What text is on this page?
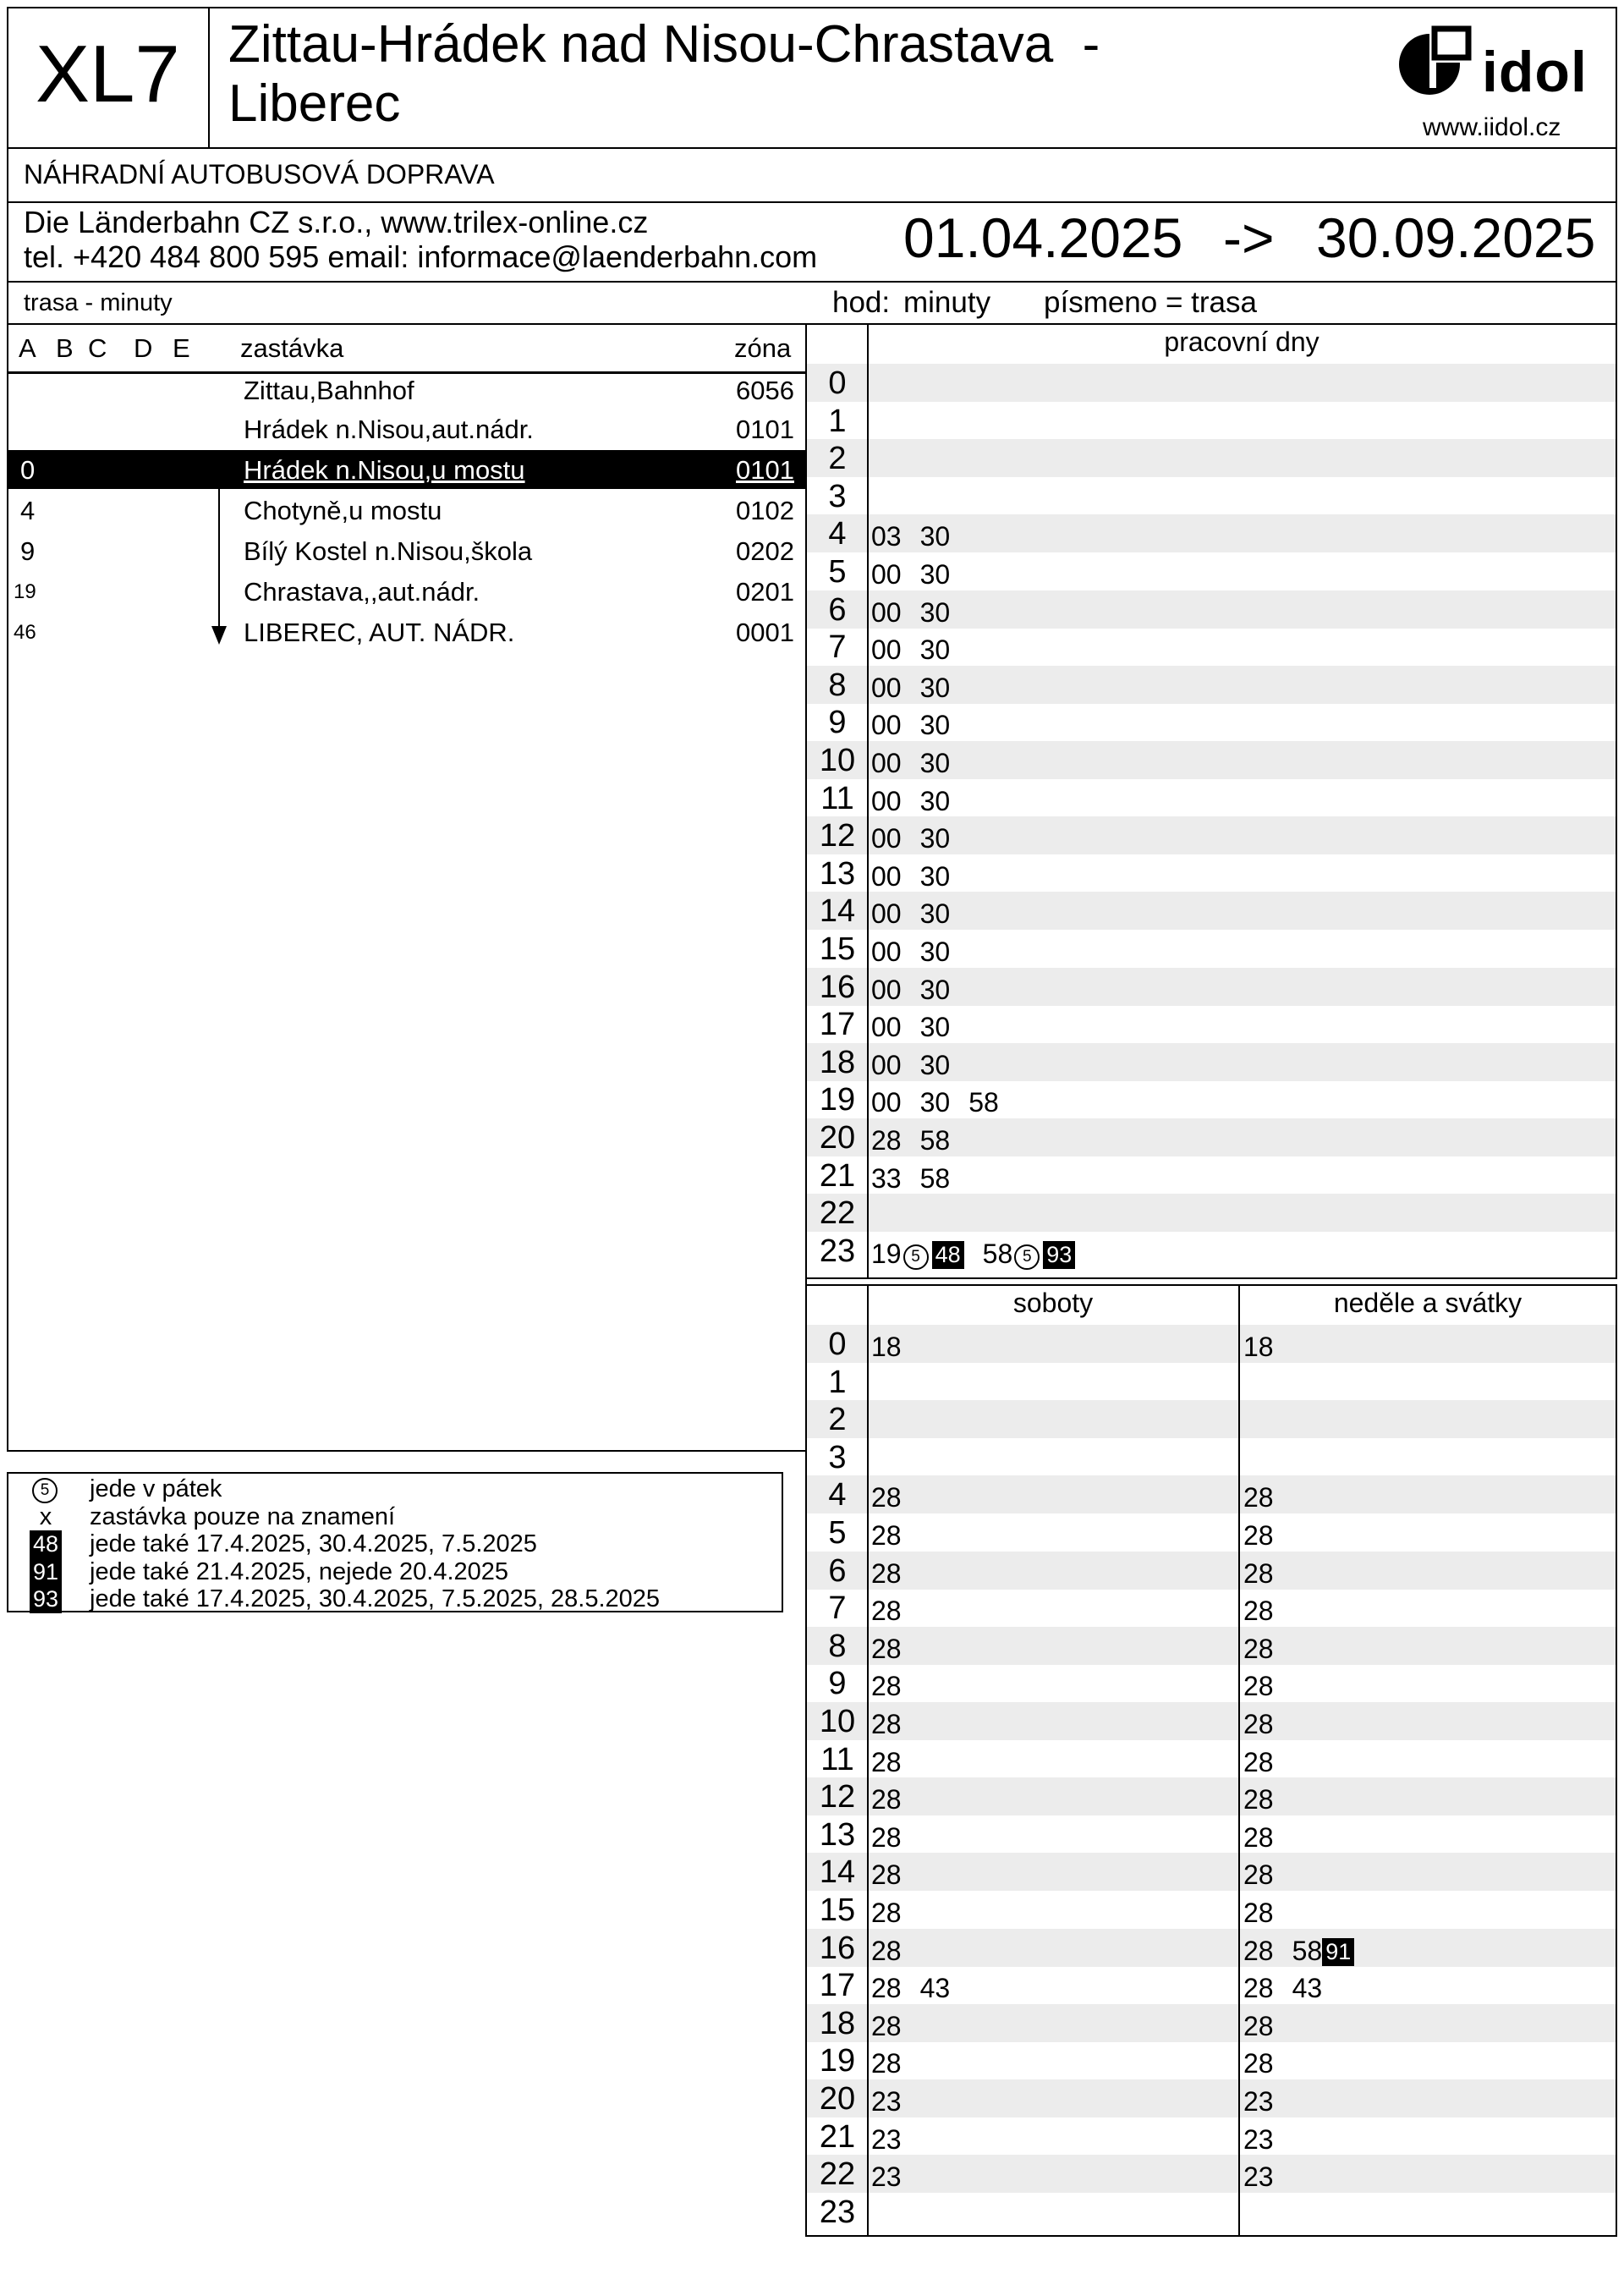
XL7 Zittau-Hrádek nad Nisou-Chrastava  -
Liberec	idol
www.iidol.cz
NÁHRADNÍ AUTOBUSOVÁ DOPRAVA
Die Länderbahn CZ s.r.o., www.trilex-online.cz
tel. +420 484 800 595 email: informace@laenderbahn.com 01.04.2025 -> 30.09.2025
trasa - minuty	hod: minuty písmeno = trasa
A B C D E zastávka	zóna
Zittau,Bahnhof	6056
Hrádek n.Nisou,aut.nádr.	0101
0	Hrádek n.Nisou,u mostu	0101
4	Chotyně,u mostu	0102
9	Bílý Kostel n.Nisou,škola	0202
19	Chrastava,,aut.nádr.	0201
46	LIBEREC, AUT. NÁDR.	0001
5	jede v pátek
x	zastávka pouze na znamení
48 jede také 17.4.2025, 30.4.2025, 7.5.2025
91 jede také 21.4.2025, nejede 20.4.2025
93 jede také 17.4.2025, 30.4.2025, 7.5.2025, 28.5.2025
pracovní dny
0
1
2
3
4 03 30
5 00 30
6 00 30
7 00 30
8 00 30
9 00 30
10 00 30
11 00 30
12 00 30
13 00 30
14 00 30
15 00 30
16 00 30
17 00 30
18 00 30
19 00 30 58
20 28 58
21 33 58
22
23 19 5 48 58 5 93
soboty	neděle a svátky
0 18	18
1
2
3
4 28	28
5 28	28
6 28	28
7 28	28
8 28	28
9 28	28
10 28	28
11 28	28
12 28	28
13 28	28
14 28	28
15 28	28
16 28	28 58 91
17 28 43	28 43
18 28	28
19 28	28
20 23	23
21 23	23
22 23	23
23
